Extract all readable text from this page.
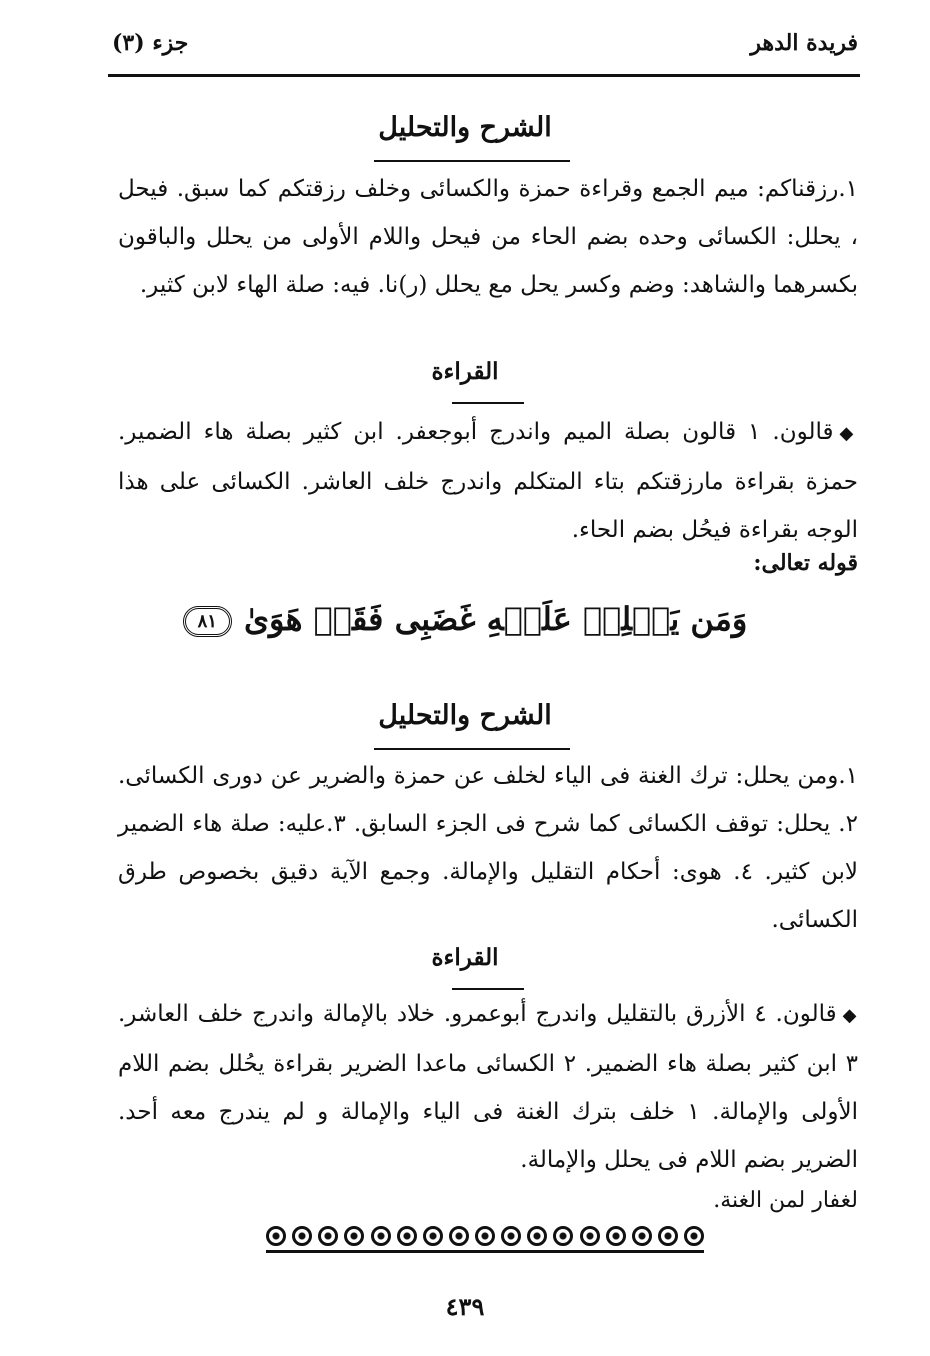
فريدة الدهر
جزء (٣)
الشرح والتحليل

١.رزقناكم: ميم الجمع وقراءة حمزة والكسائى وخلف رزقتكم كما سبق. فيحل ، يحلل: الكسائى وحده بضم الحاء من فيحل واللام الأولى من يحلل والباقون بكسرهما والشاهد: وضم وكسر يحل مع يحلل (ر)نا. فيه: صلة الهاء لابن كثير.

القراءة

◆قالون. ١ قالون بصلة الميم واندرج أبوجعفر. ابن كثير بصلة هاء الضمير. حمزة بقراءة مارزقتكم بتاء المتكلم واندرج خلف العاشر. الكسائى على هذا الوجه بقراءة فيحُل بضم الحاء.

قوله تعالى:
وَمَن يَحۡلِلۡ عَلَيۡهِ غَضَبِى فَقَدۡ هَوَىٰ٨١
الشرح والتحليل

١.ومن يحلل: ترك الغنة فى الياء لخلف عن حمزة والضرير عن دورى الكسائى. ٢. يحلل: توقف الكسائى كما شرح فى الجزء السابق. ٣.عليه: صلة هاء الضمير لابن كثير. ٤. هوى: أحكام التقليل والإمالة. وجمع الآية دقيق بخصوص طرق الكسائى.

القراءة

◆قالون. ٤ الأزرق بالتقليل واندرج أبوعمرو. خلاد بالإمالة واندرج خلف العاشر. ٣ ابن كثير بصلة هاء الضمير. ٢ الكسائى ماعدا الضرير بقراءة يحُلل بضم اللام الأولى والإمالة. ١ خلف بترك الغنة فى الياء والإمالة و لم يندرج معه أحد. الضرير بضم اللام فى يحلل والإمالة.

لغفار لمن الغنة.
٤٣٩
